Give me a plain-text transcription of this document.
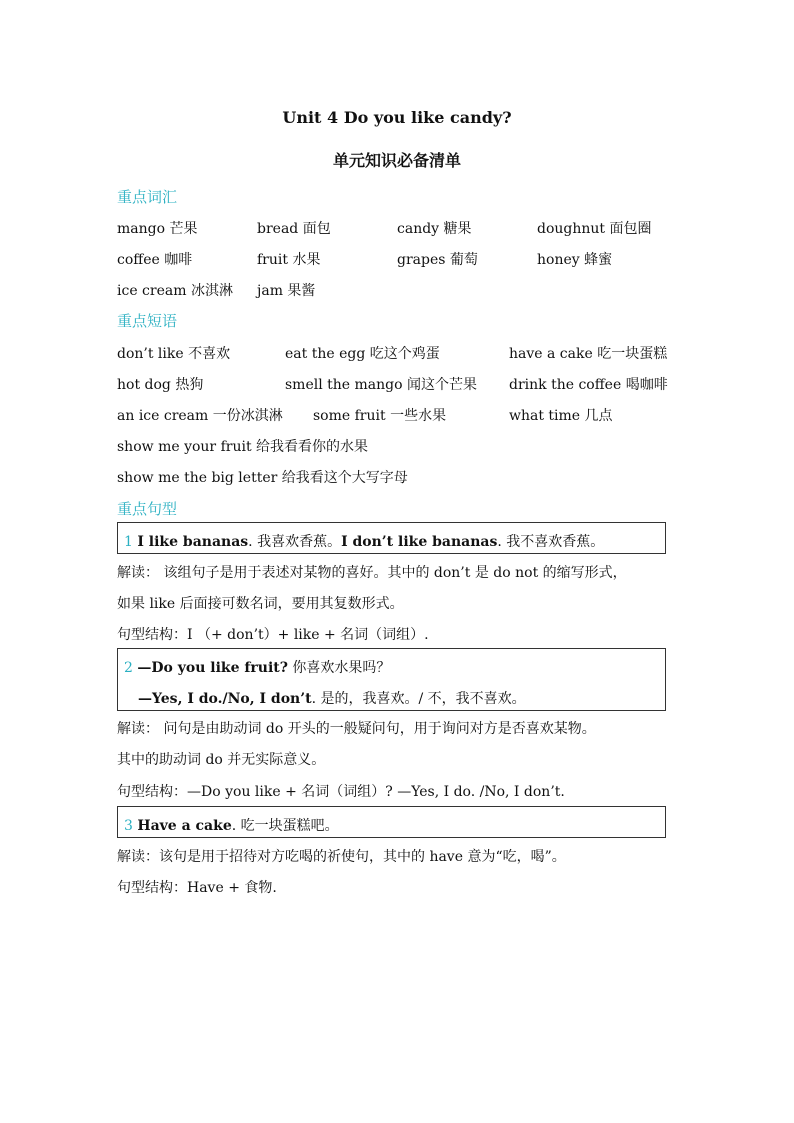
Unit 4 Do you like candy?
单元知识必备清单
重点词汇
mango 芒果	bread 面包	candy 糖果	doughnut 面包圈
coffee 咖啡	fruit 水果	grapes 葡萄	honey 蜂蜜
ice cream 冰淇淋 jam 果酱
重点短语
don’t like 不喜欢	eat the egg 吃这个鸡蛋	have a cake 吃一块蛋糕
hot dog 热狗	smell the mango 闻这个芒果 drink the coffee 喝咖啡
an ice cream 一份冰淇淋 some fruit 一些水果	what time 几点
show me your fruit 给我看看你的水果
show me the big letter 给我看这个大写字母
重点句型
1 I like bananas. 我喜欢香蕉。I don’t like bananas. 我不喜欢香蕉。
解读： 该组句子是用于表述对某物的喜好。其中的 don’t 是 do not 的缩写形式，
如果 like 后面接可数名词，要用其复数形式。
句型结构：I （+ don’t）+ like + 名词（词组）.
2 —Do you like fruit? 你喜欢水果吗？
—Yes, I do./No, I don’t. 是的，我喜欢。/ 不，我不喜欢。
解读： 问句是由助动词 do 开头的一般疑问句，用于询问对方是否喜欢某物。
其中的助动词 do 并无实际意义。
句型结构：—Do you like + 名词（词组）? —Yes, I do. /No, I don’t.
3 Have a cake. 吃一块蛋糕吧。
解读：该句是用于招待对方吃喝的祈使句，其中的 have 意为“吃，喝”。
句型结构：Have + 食物.
